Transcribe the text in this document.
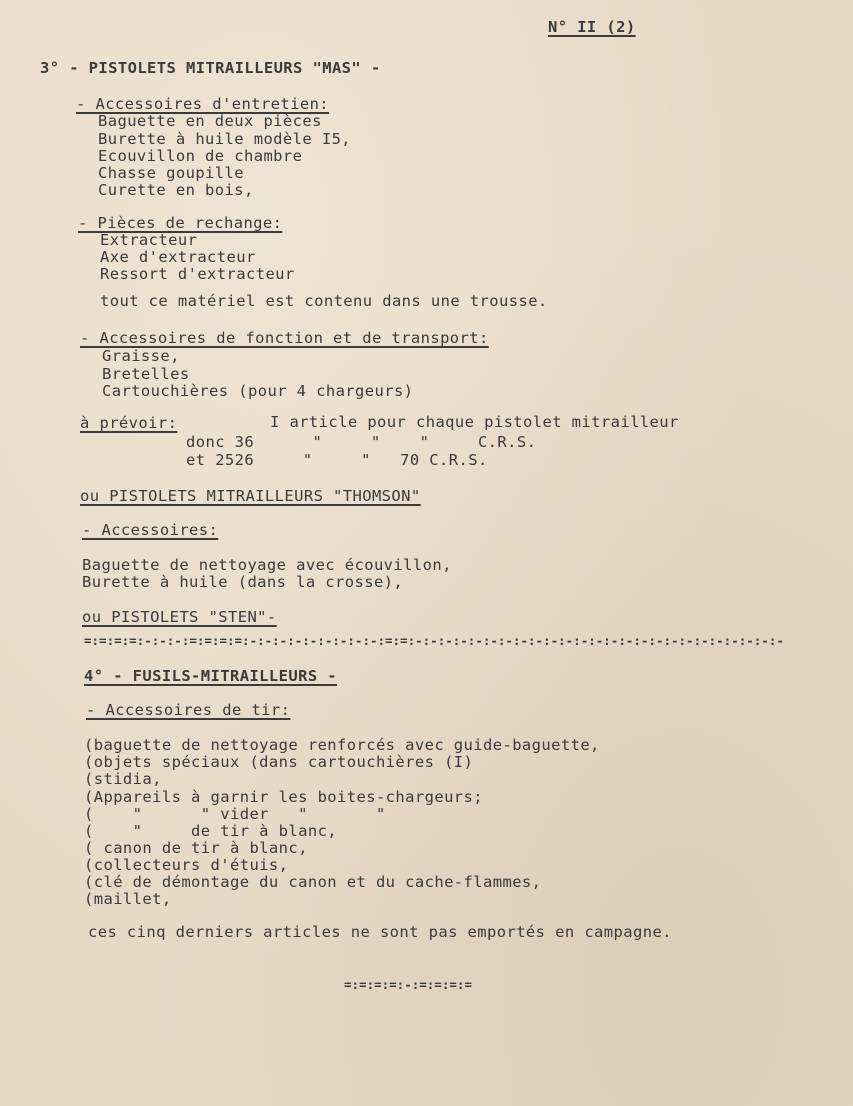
N° II (2)
3° - PISTOLETS MITRAILLEURS "MAS" -
- Accessoires d'entretien:
Baguette en deux pièces
Burette à huile modèle I5,
Ecouvillon de chambre
Chasse goupille
Curette en bois,
- Pièces de rechange:
Extracteur
Axe d'extracteur
Ressort d'extracteur
tout ce matériel est contenu dans une trousse.
- Accessoires de fonction et de transport:
Graisse,
Bretelles
Cartouchières (pour 4 chargeurs)
à prévoir:	I article pour chaque pistolet mitrailleur
donc 36      "     "    "     C.R.S.
et 2526     "     "   70 C.R.S.
ou PISTOLETS MITRAILLEURS "THOMSON"
- Accessoires:
Baguette de nettoyage avec écouvillon,
Burette à huile (dans la crosse),
ou PISTOLETS "STEN"-
=:=:=:=:-:-:-:=:=:=:=:-:-:-:-:-:-:-:-:-:=:=:-:-:-:-:-:-:-:-:-:-:-:-:-:-:-:-:-:-:-:-:-:-:-:-:-
4° - FUSILS-MITRAILLEURS -
- Accessoires de tir:
(baguette de nettoyage renforcés avec guide-baguette,
(objets spéciaux (dans cartouchières (I)
(stidia,
(Appareils à garnir les boites-chargeurs;
(    "      " vider   "       "
(    "     de tir à blanc,
( canon de tir à blanc,
(collecteurs d'étuis,
(clé de démontage du canon et du cache-flammes,
(maillet,
ces cinq derniers articles ne sont pas emportés en campagne.
=:=:=:=:-:=:=:=:=
